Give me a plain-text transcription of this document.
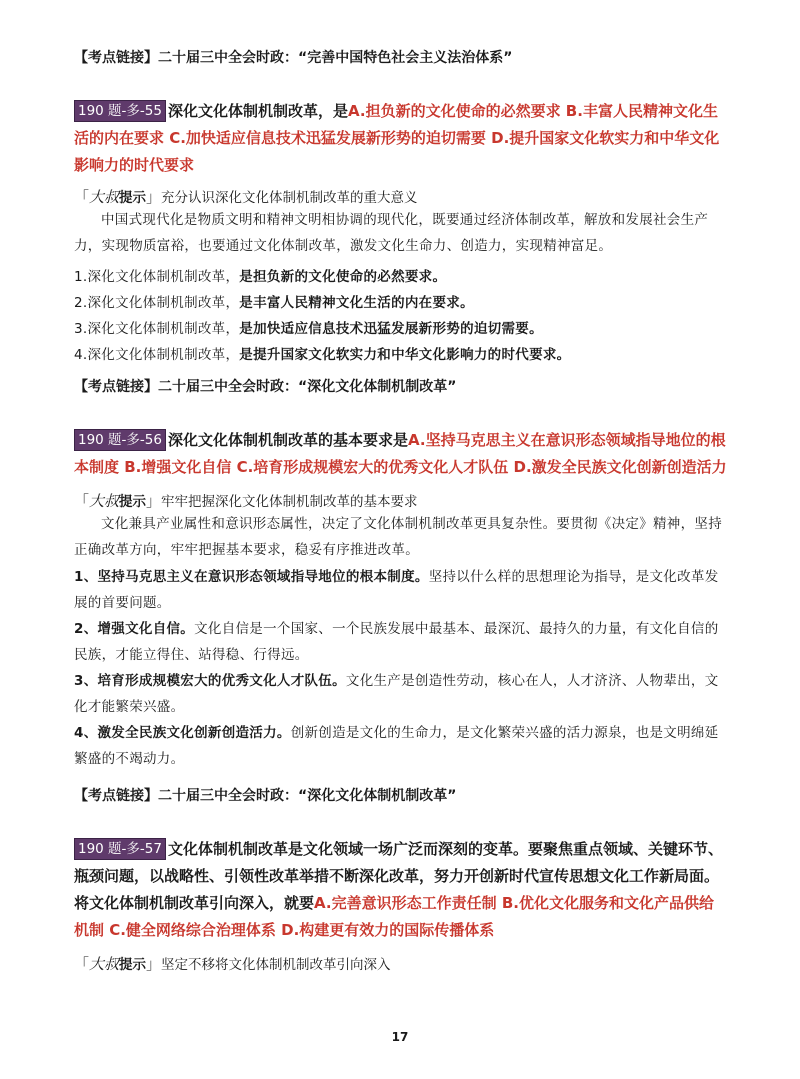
【考点链接】二十届三中全会时政：“完善中国特色社会主义法治体系”
190 题-多-55 深化文化体制机制改革，是A.担负新的文化使命的必然要求 B.丰富人民精神文化生活的内在要求 C.加快适应信息技术迅猛发展新形势的迫切需要 D.提升国家文化软实力和中华文化影响力的时代要求
「大叔提示」充分认识深化文化体制机制改革的重大意义
中国式现代化是物质文明和精神文明相协调的现代化，既要通过经济体制改革，解放和发展社会生产力，实现物质富裕，也要通过文化体制改革，激发文化生命力、创造力，实现精神富足。
1.深化文化体制机制改革，是担负新的文化使命的必然要求。
2.深化文化体制机制改革，是丰富人民精神文化生活的内在要求。
3.深化文化体制机制改革，是加快适应信息技术迅猛发展新形势的迫切需要。
4.深化文化体制机制改革，是提升国家文化软实力和中华文化影响力的时代要求。
【考点链接】二十届三中全会时政：“深化文化体制机制改革”
190 题-多-56 深化文化体制机制改革的基本要求是A.坚持马克思主义在意识形态领域指导地位的根本制度 B.增强文化自信 C.培育形成规模宏大的优秀文化人才队伍 D.激发全民族文化创新创造活力
「大叔提示」牢牢把握深化文化体制机制改革的基本要求
文化兼具产业属性和意识形态属性，决定了文化体制机制改革更具复杂性。要贯彻《决定》精神，坚持正确改革方向，牢牢把握基本要求，稳妥有序推进改革。
1、坚持马克思主义在意识形态领域指导地位的根本制度。坚持以什么样的思想理论为指导，是文化改革发展的首要问题。
2、增强文化自信。文化自信是一个国家、一个民族发展中最基本、最深沉、最持久的力量，有文化自信的民族，才能立得住、站得稳、行得远。
3、培育形成规模宏大的优秀文化人才队伍。文化生产是创造性劳动，核心在人，人才济济、人物辈出，文化才能繁荣兴盛。
4、激发全民族文化创新创造活力。创新创造是文化的生命力，是文化繁荣兴盛的活力源泉，也是文明绵延繁盛的不竭动力。
【考点链接】二十届三中全会时政：“深化文化体制机制改革”
190 题-多-57 文化体制机制改革是文化领域一场广泛而深刻的变革。要聚焦重点领域、关键环节、瓶颈问题，以战略性、引领性改革举措不断深化改革，努力开创新时代宣传思想文化工作新局面。将文化体制机制改革引向深入，就要A.完善意识形态工作责任制 B.优化文化服务和文化产品供给机制 C.健全网络综合治理体系 D.构建更有效力的国际传播体系
「大叔提示」坚定不移将文化体制机制改革引向深入
17
